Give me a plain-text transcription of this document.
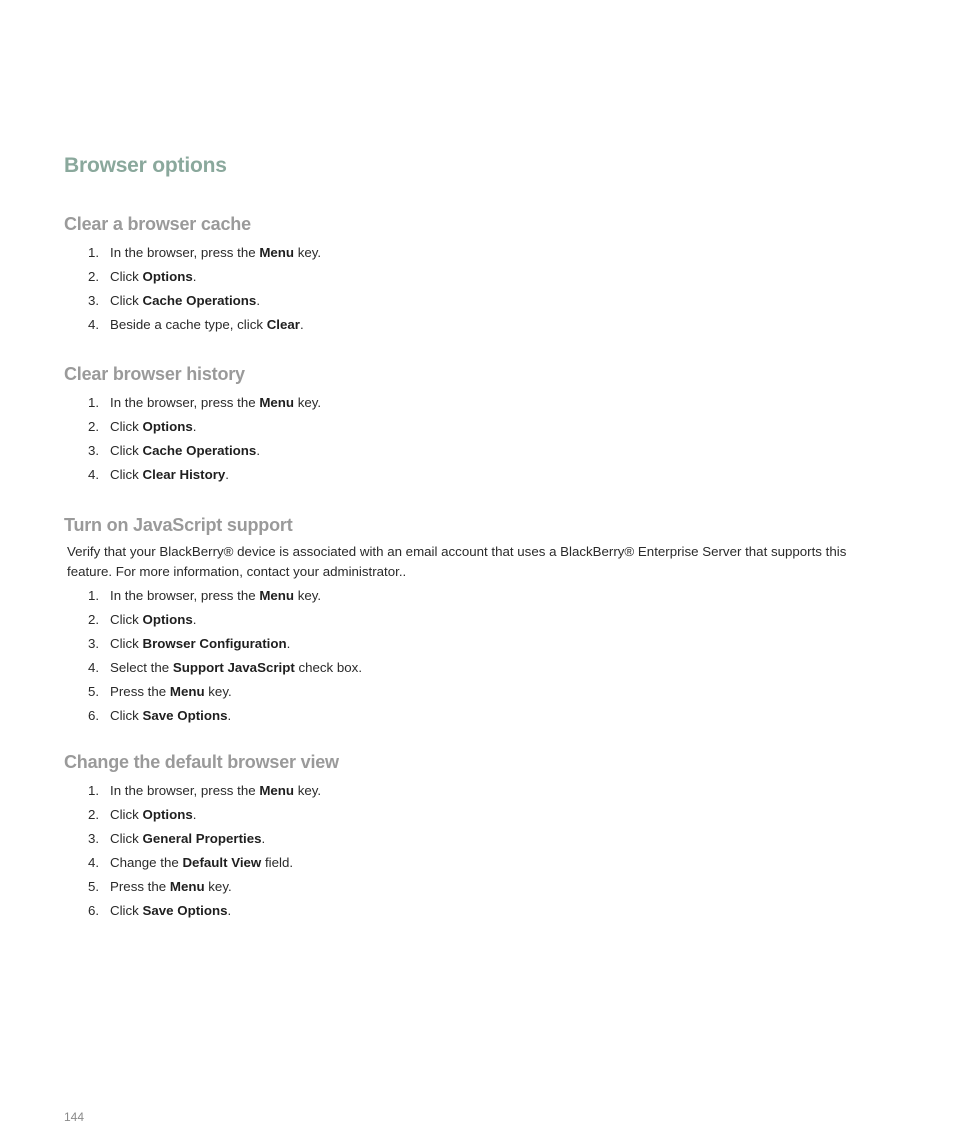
Browser options
Clear a browser cache
1. In the browser, press the Menu key.
2. Click Options.
3. Click Cache Operations.
4. Beside a cache type, click Clear.
Clear browser history
1. In the browser, press the Menu key.
2. Click Options.
3. Click Cache Operations.
4. Click Clear History.
Turn on JavaScript support

Verify that your BlackBerry® device is associated with an email account that uses a BlackBerry® Enterprise Server that supports this feature. For more information, contact your administrator..

1. In the browser, press the Menu key.
2. Click Options.
3. Click Browser Configuration.
4. Select the Support JavaScript check box.
5. Press the Menu key.
6. Click Save Options.
Change the default browser view
1. In the browser, press the Menu key.
2. Click Options.
3. Click General Properties.
4. Change the Default View field.
5. Press the Menu key.
6. Click Save Options.
144
